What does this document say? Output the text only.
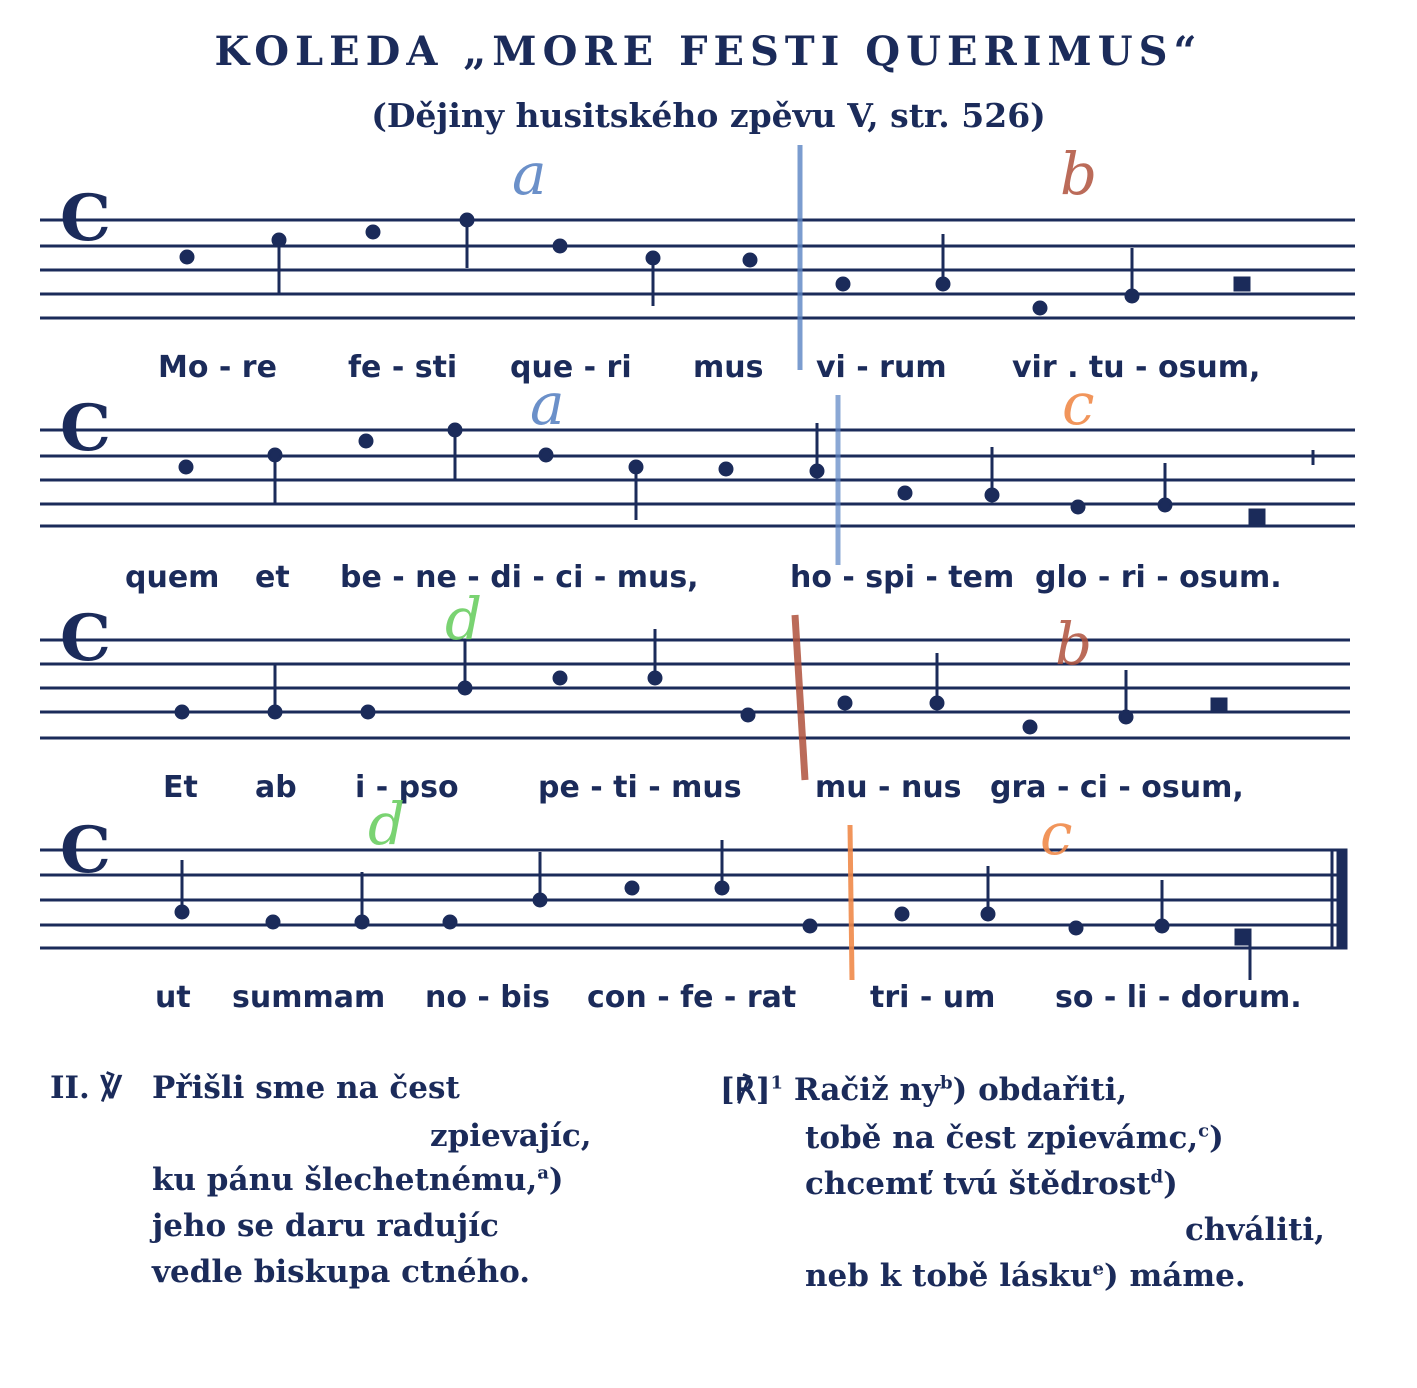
KOLEDA „MORE FESTI QUERIMUS“
(Dějiny husitského zpěvu V, str. 526)
C
a	b
Mo - re fe - sti que - ri mus vi - rum vir . tu - osum,
C	a	c
quem et be - ne - di - ci - mus,	ho - spi - tem glo - ri - osum.
C	d	b
Et ab i - pso	pe - ti - mus mu - nus gra - ci - osum,
C	d	c
ut summam no - bis con - fe - rat tri - um so - li - dorum.
II. ℣ Přišli sme na čest
zpievajíc,
ku pánu šlechetnému,$^a$)
jeho se daru radujíc
vedle biskupa ctného.
[℟]$^1$ Račiž $ny^b$) obdařiti,
tobě na čest zpievámc,$^c$)
chcemť tvú štědrost$^d$)
chváliti,
neb k tobě lásku$^e$) máme.
